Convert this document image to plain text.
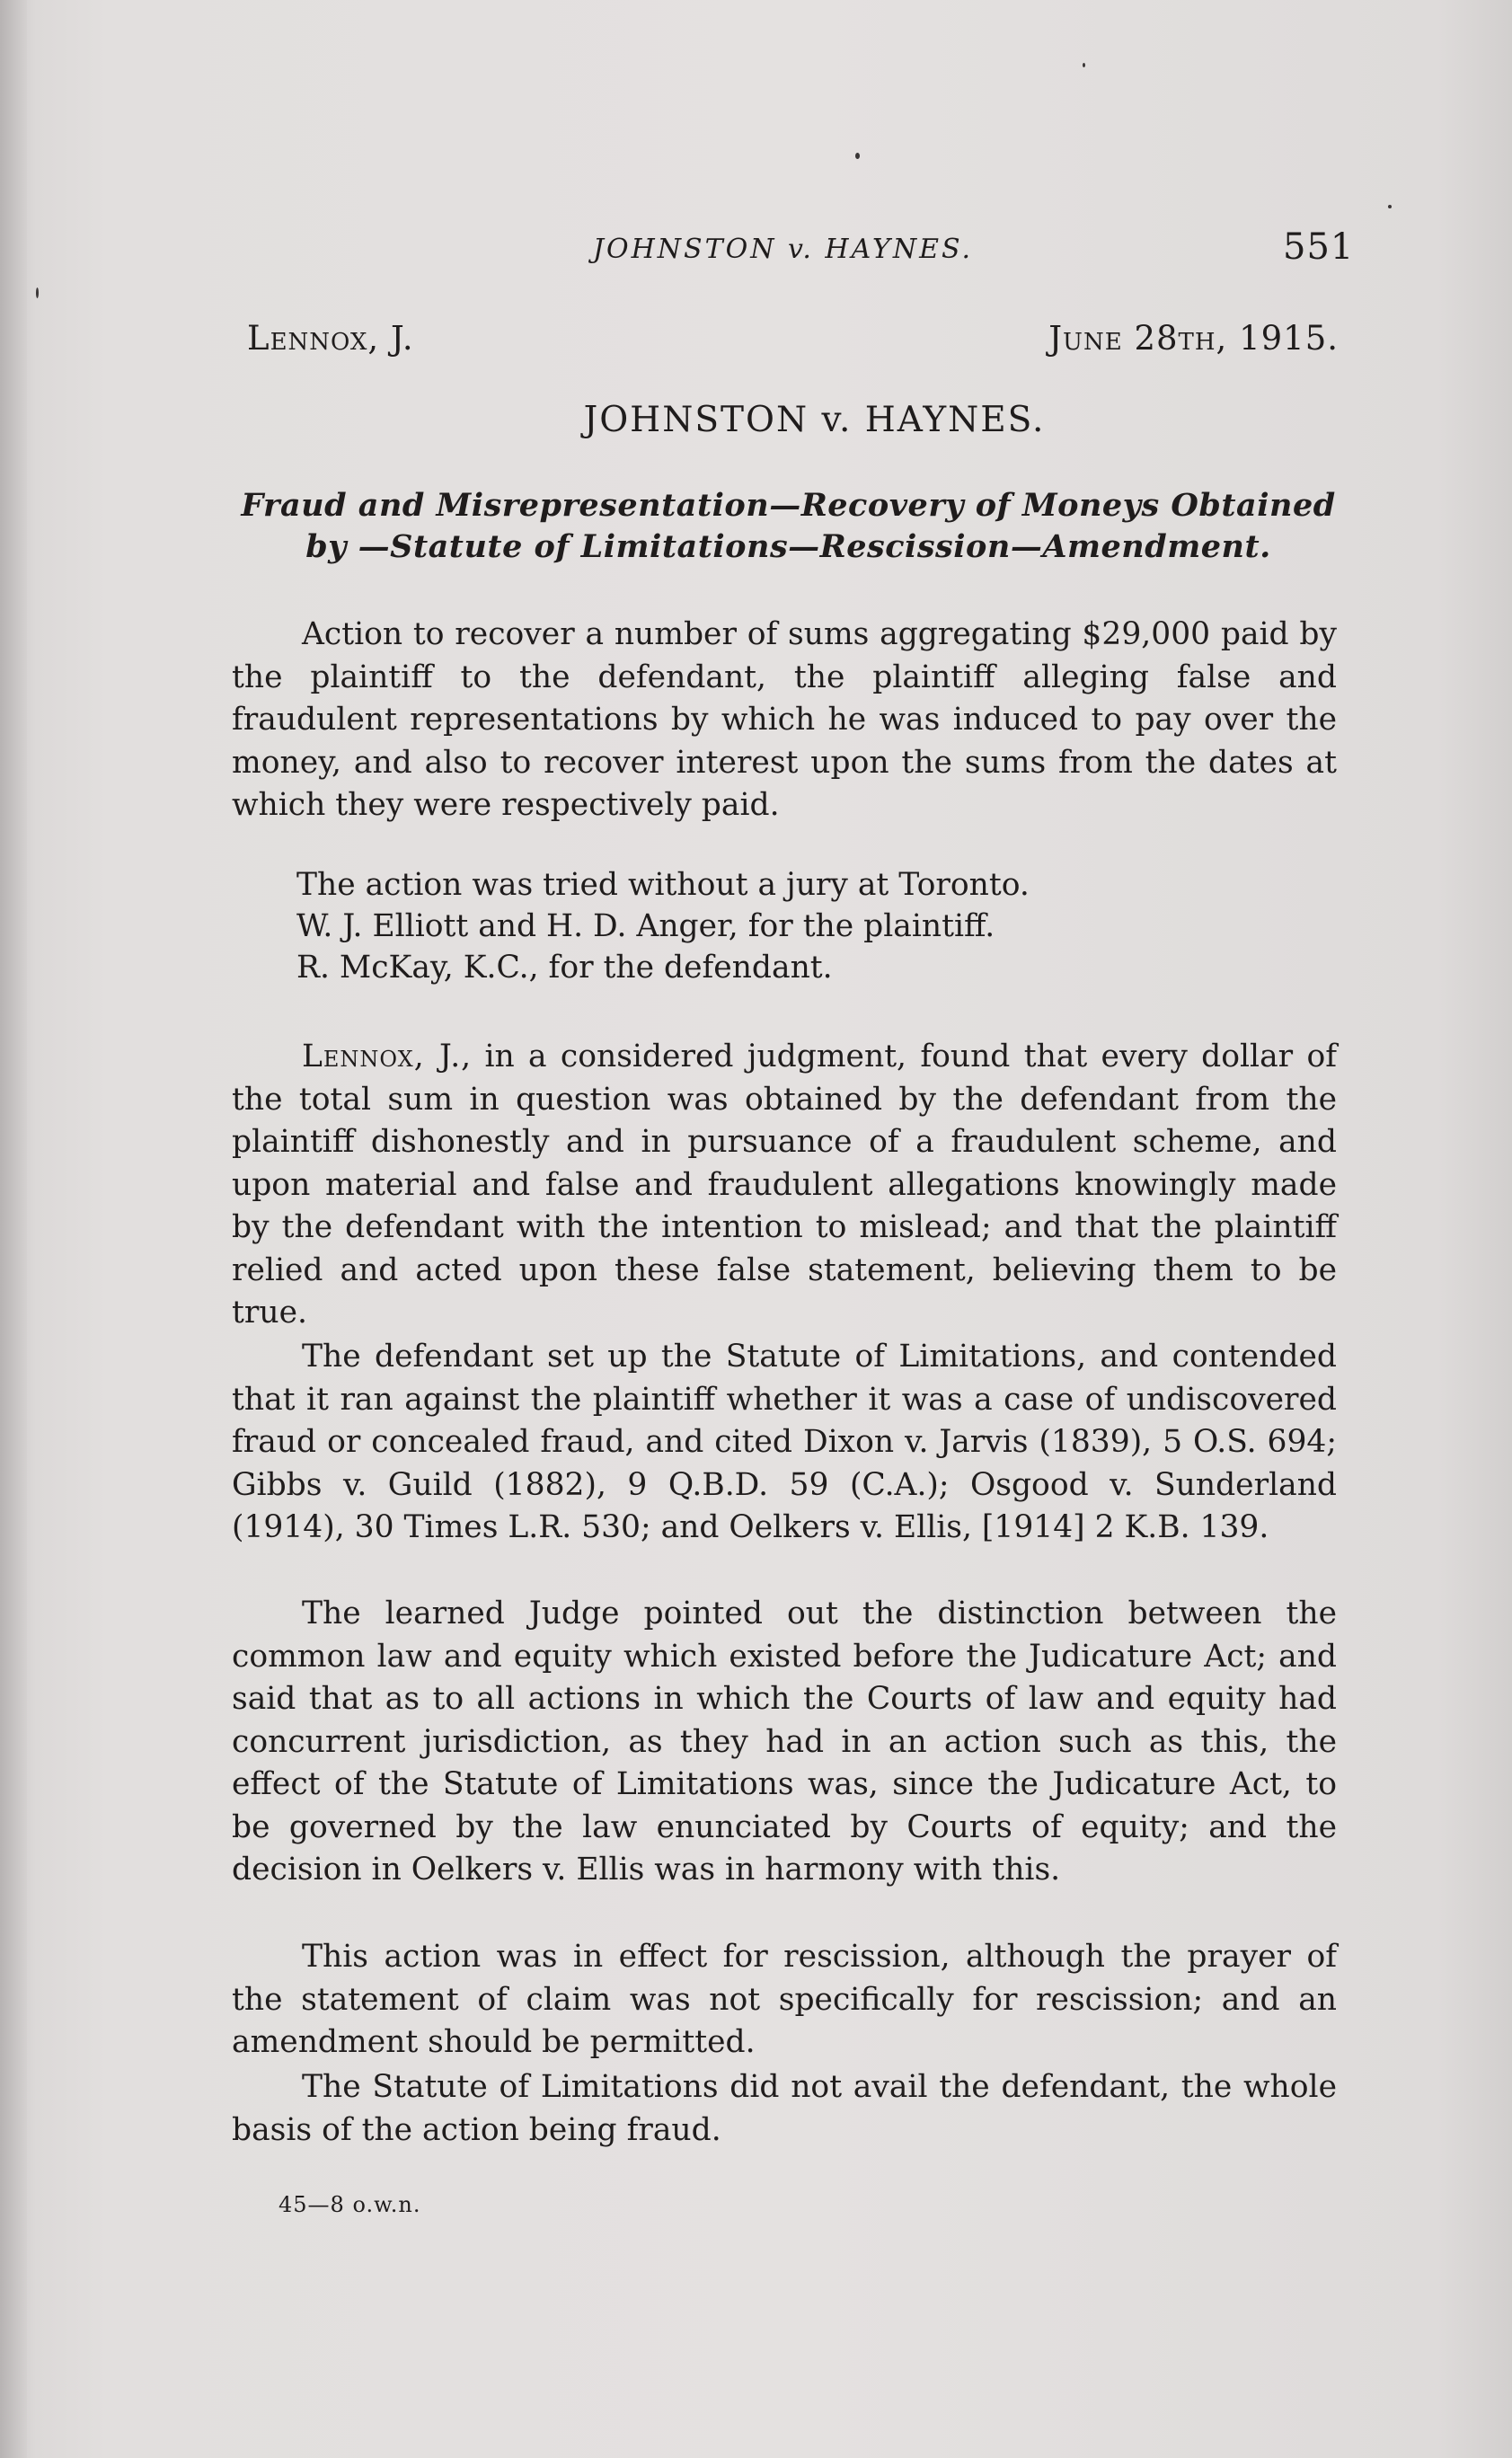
JOHNSTON v. HAYNES.	551
Lennox, J.	June 28th, 1915.
JOHNSTON v. HAYNES.
Fraud and Misrepresentation—Recovery of Moneys Obtained by —Statute of Limitations—Rescission—Amendment.

Action to recover a number of sums aggregating $29,000 paid by the plaintiff to the defendant, the plaintiff alleging false and fraudulent representations by which he was induced to pay over the money, and also to recover interest upon the sums from the dates at which they were respectively paid.

The action was tried without a jury at Toronto.
W. J. Elliott and H. D. Anger, for the plaintiff.
R. McKay, K.C., for the defendant.

Lennox, J., in a considered judgment, found that every dollar of the total sum in question was obtained by the defendant from the plaintiff dishonestly and in pursuance of a fraudulent scheme, and upon material and false and fraudulent allegations knowingly made by the defendant with the intention to mislead; and that the plaintiff relied and acted upon these false statement, believing them to be true.

The defendant set up the Statute of Limitations, and contended that it ran against the plaintiff whether it was a case of undiscovered fraud or concealed fraud, and cited Dixon v. Jarvis (1839), 5 O.S. 694; Gibbs v. Guild (1882), 9 Q.B.D. 59 (C.A.); Osgood v. Sunderland (1914), 30 Times L.R. 530; and Oelkers v. Ellis, [1914] 2 K.B. 139.

The learned Judge pointed out the distinction between the common law and equity which existed before the Judicature Act; and said that as to all actions in which the Courts of law and equity had concurrent jurisdiction, as they had in an action such as this, the effect of the Statute of Limitations was, since the Judicature Act, to be governed by the law enunciated by Courts of equity; and the decision in Oelkers v. Ellis was in harmony with this.

This action was in effect for rescission, although the prayer of the statement of claim was not specifically for rescission; and an amendment should be permitted.

The Statute of Limitations did not avail the defendant, the whole basis of the action being fraud.

45—8 o.w.n.
